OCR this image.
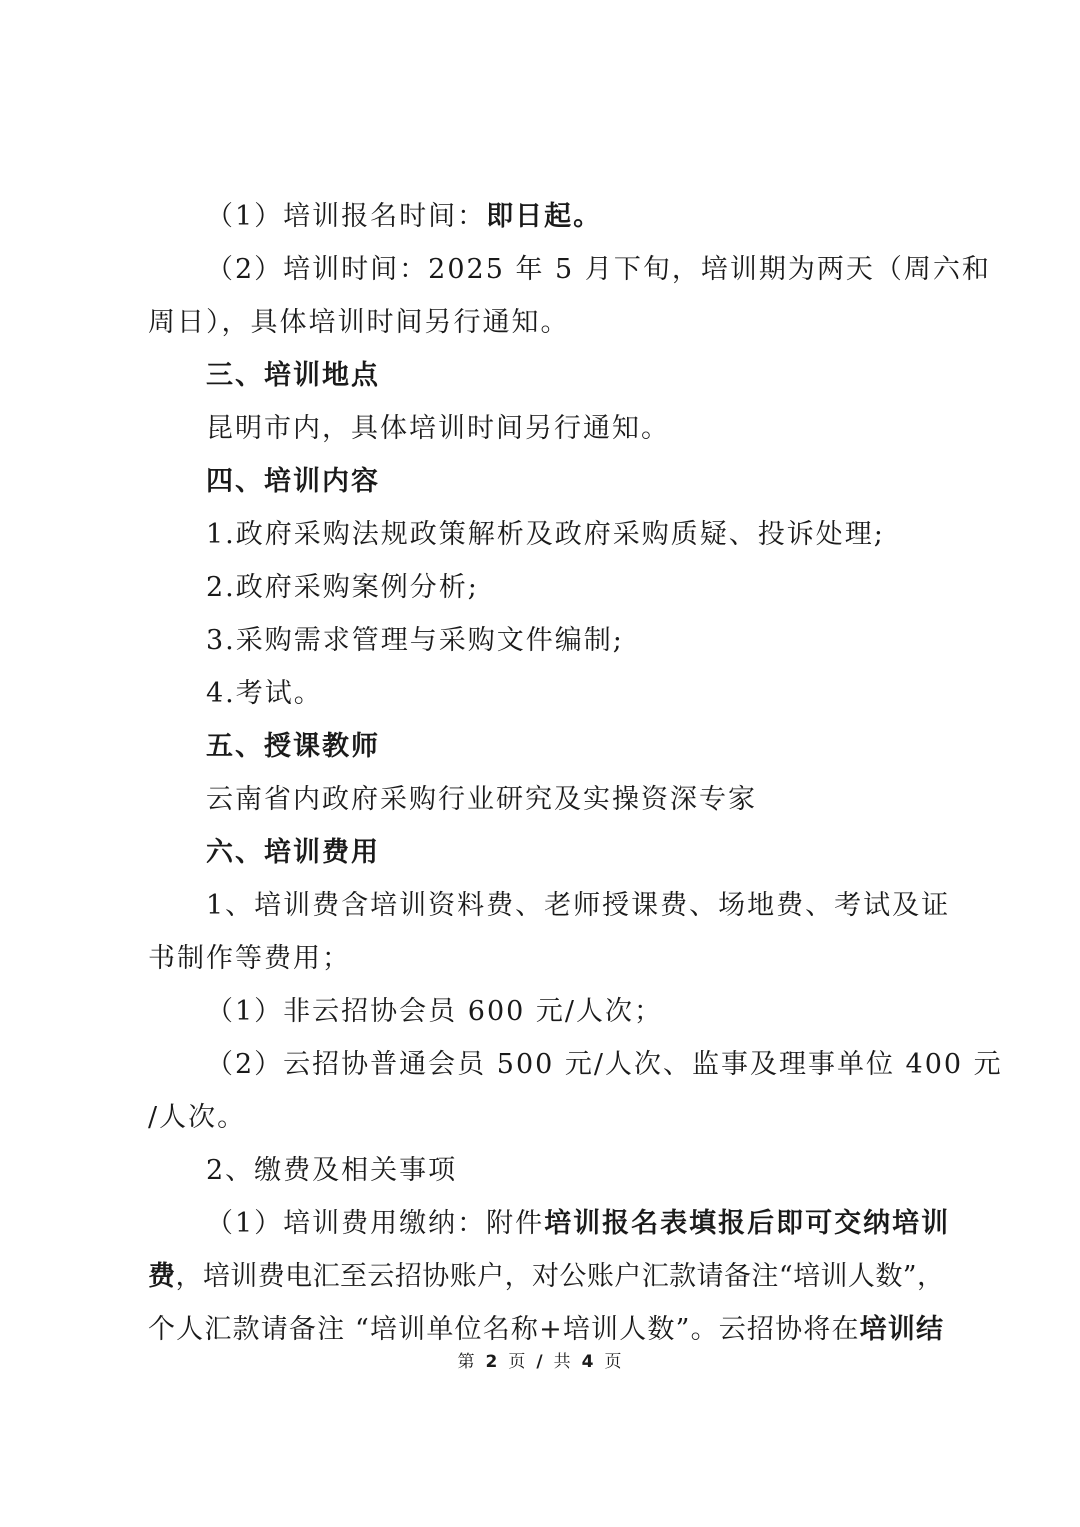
（1）培训报名时间：即日起。
（2）培训时间：2025 年 5 月下旬，培训期为两天（周六和
周日），具体培训时间另行通知。
三、培训地点
昆明市内，具体培训时间另行通知。
四、培训内容
1.政府采购法规政策解析及政府采购质疑、投诉处理;
2.政府采购案例分析;
3.采购需求管理与采购文件编制;
4.考试。
五、授课教师
云南省内政府采购行业研究及实操资深专家
六、培训费用
1、培训费含培训资料费、老师授课费、场地费、考试及证
书制作等费用；
（1）非云招协会员 600 元/人次；
（2）云招协普通会员 500 元/人次、监事及理事单位 400 元
/人次。
2、缴费及相关事项
（1）培训费用缴纳：附件培训报名表填报后即可交纳培训
费，培训费电汇至云招协账户，对公账户汇款请备注“培训人数”，
个人汇款请备注 “培训单位名称+培训人数”。云招协将在培训结
第 2 页 / 共 4 页
